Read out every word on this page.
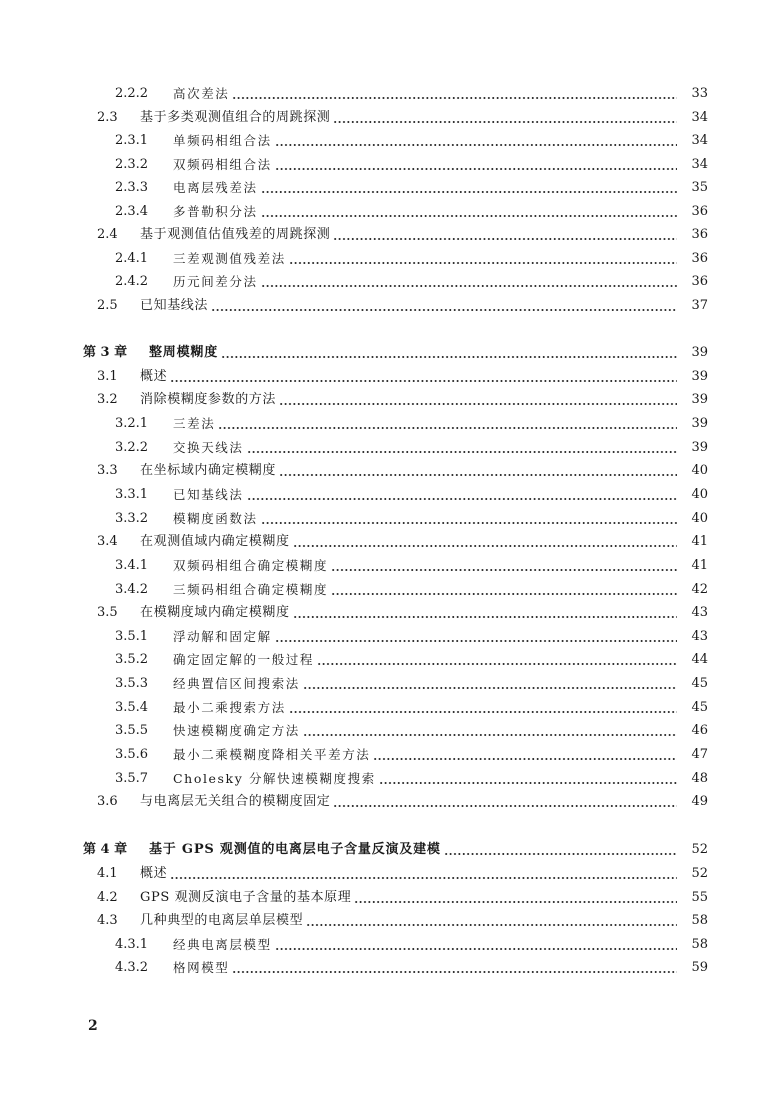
2.2.2	高次差法	33
2.3	基于多类观测值组合的周跳探测	34
2.3.1	单频码相组合法	34
2.3.2	双频码相组合法	34
2.3.3	电离层残差法	35
2.3.4	多普勒积分法	36
2.4	基于观测值估值残差的周跳探测	36
2.4.1	三差观测值残差法	36
2.4.2	历元间差分法	36
2.5	已知基线法	37
第 3 章	整周模糊度	39
3.1	概述	39
3.2	消除模糊度参数的方法	39
3.2.1	三差法	39
3.2.2	交换天线法	39
3.3	在坐标域内确定模糊度	40
3.3.1	已知基线法	40
3.3.2	模糊度函数法	40
3.4	在观测值域内确定模糊度	41
3.4.1	双频码相组合确定模糊度	41
3.4.2	三频码相组合确定模糊度	42
3.5	在模糊度域内确定模糊度	43
3.5.1	浮动解和固定解	43
3.5.2	确定固定解的一般过程	44
3.5.3	经典置信区间搜索法	45
3.5.4	最小二乘搜索方法	45
3.5.5	快速模糊度确定方法	46
3.5.6	最小二乘模糊度降相关平差方法	47
3.5.7	Cholesky 分解快速模糊度搜索	48
3.6	与电离层无关组合的模糊度固定	49
第 4 章	基于 GPS 观测值的电离层电子含量反演及建模	52
4.1	概述	52
4.2	GPS 观测反演电子含量的基本原理	55
4.3	几种典型的电离层单层模型	58
4.3.1	经典电离层模型	58
4.3.2	格网模型	59
2
